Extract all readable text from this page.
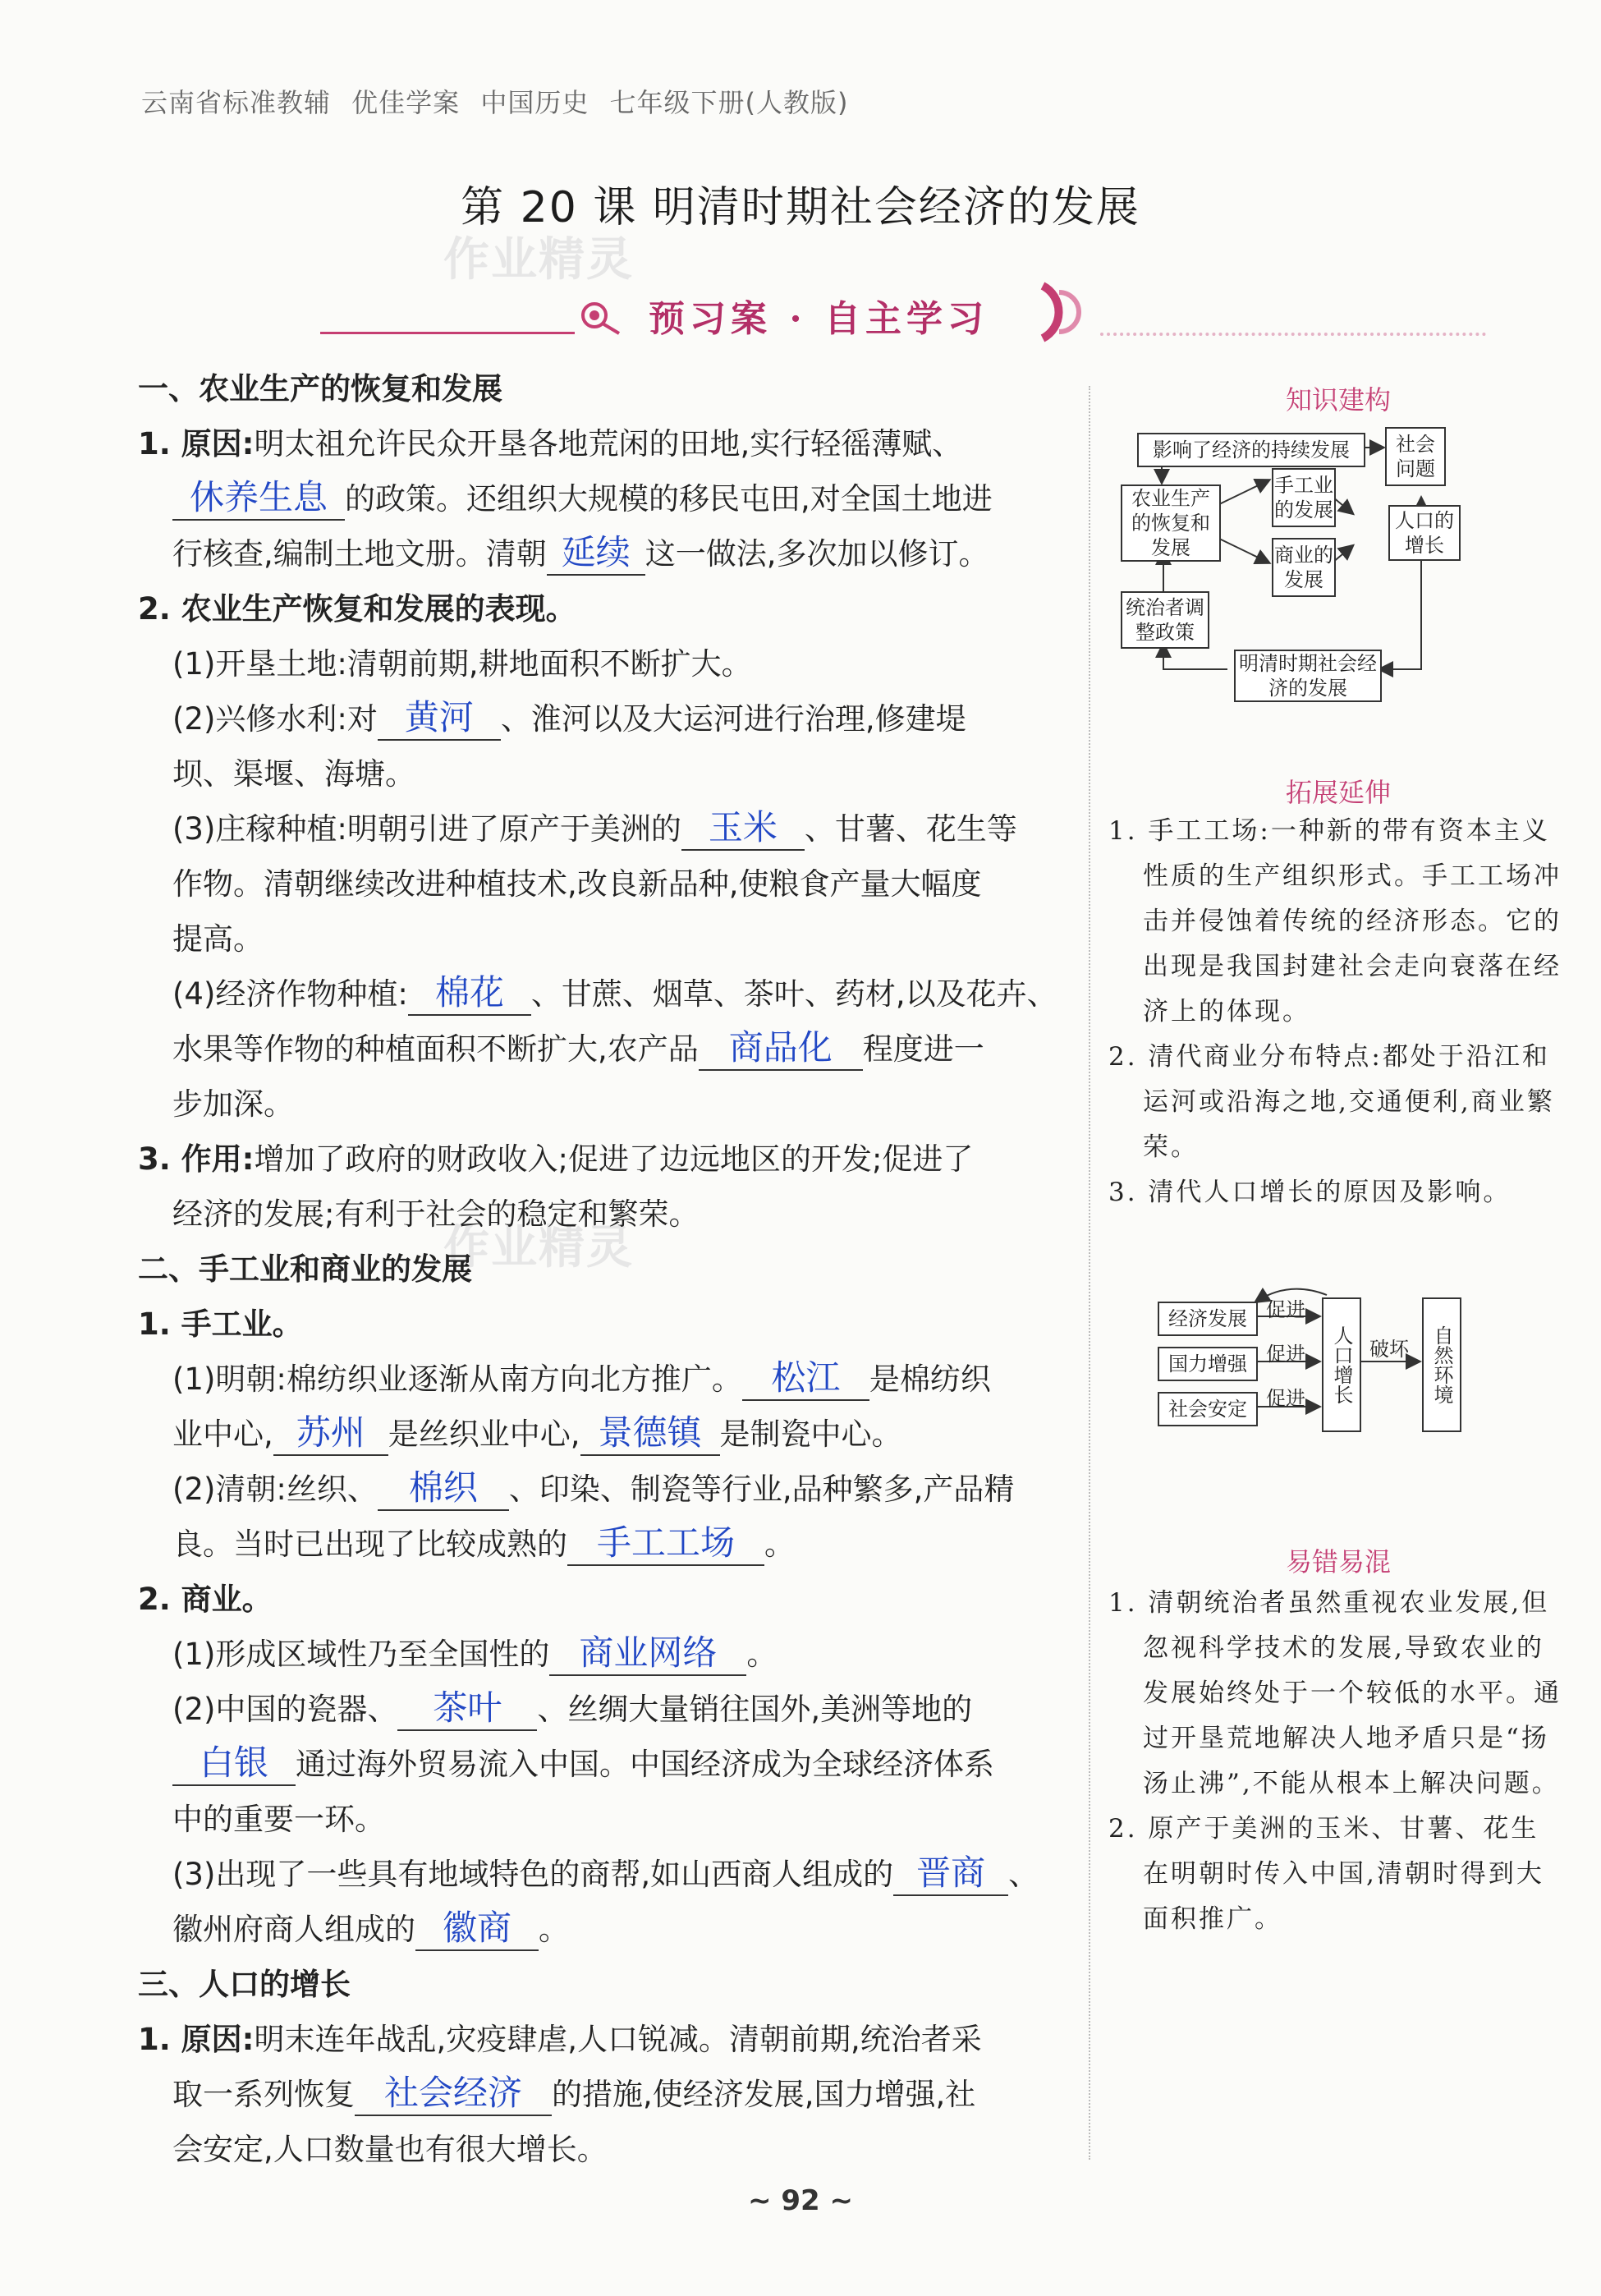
云南省标准教辅 优佳学案 中国历史 七年级下册(人教版)
第 20 课 明清时期社会经济的发展
作业精灵
作业精灵
预习案 · 自主学习

一、农业生产的恢复和发展

1. 原因:明太祖允许民众开垦各地荒闲的田地,实行轻徭薄赋、

休养生息 的政策。还组织大规模的移民屯田,对全国土地进

行核查,编制土地文册。清朝 延续 这一做法,多次加以修订。

2. 农业生产恢复和发展的表现。

(1)开垦土地:清朝前期,耕地面积不断扩大。

(2)兴修水利:对 黄河 、淮河以及大运河进行治理,修建堤

坝、渠堰、海塘。

(3)庄稼种植:明朝引进了原产于美洲的 玉米 、甘薯、花生等

作物。清朝继续改进种植技术,改良新品种,使粮食产量大幅度

提高。

(4)经济作物种植: 棉花 、甘蔗、烟草、茶叶、药材,以及花卉、

水果等作物的种植面积不断扩大,农产品 商品化 程度进一

步加深。

3. 作用:增加了政府的财政收入;促进了边远地区的开发;促进了

经济的发展;有利于社会的稳定和繁荣。

二、手工业和商业的发展

1. 手工业。

(1)明朝:棉纺织业逐渐从南方向北方推广。 松江 是棉纺织

业中心, 苏州 是丝织业中心, 景德镇 是制瓷中心。

(2)清朝:丝织、 棉织 、印染、制瓷等行业,品种繁多,产品精

良。当时已出现了比较成熟的 手工工场 。

2. 商业。

(1)形成区域性乃至全国性的 商业网络 。

(2)中国的瓷器、 茶叶 、丝绸大量销往国外,美洲等地的

白银 通过海外贸易流入中国。中国经济成为全球经济体系

中的重要一环。

(3)出现了一些具有地域特色的商帮,如山西商人组成的 晋商 、

徽州府商人组成的 徽商 。

三、人口的增长

1. 原因:明末连年战乱,灾疫肆虐,人口锐减。清朝前期,统治者采

取一系列恢复 社会经济 的措施,使经济发展,国力增强,社

会安定,人口数量也有很大增长。

知识建构
影响了经济的持续发展	社会问题
农业生产的恢复和发展
手工业的发展
商业的发展
人口的增长
统治者调整政策
明清时期社会经济的发展
拓展延伸

1. 手工工场:一种新的带有资本主义性质的生产组织形式。手工工场冲击并侵蚀着传统的经济形态。它的出现是我国封建社会走向衰落在经济上的体现。

2. 清代商业分布特点:都处于沿江和运河或沿海之地,交通便利,商业繁荣。

3. 清代人口增长的原因及影响。

经济发展
国力增强
社会安定
促进
促进
促进	人口增长 破坏	自然环境
易错易混

1. 清朝统治者虽然重视农业发展,但忽视科学技术的发展,导致农业的发展始终处于一个较低的水平。通过开垦荒地解决人地矛盾只是“扬汤止沸”,不能从根本上解决问题。

2. 原产于美洲的玉米、甘薯、花生在明朝时传入中国,清朝时得到大面积推广。

~ 92 ~
